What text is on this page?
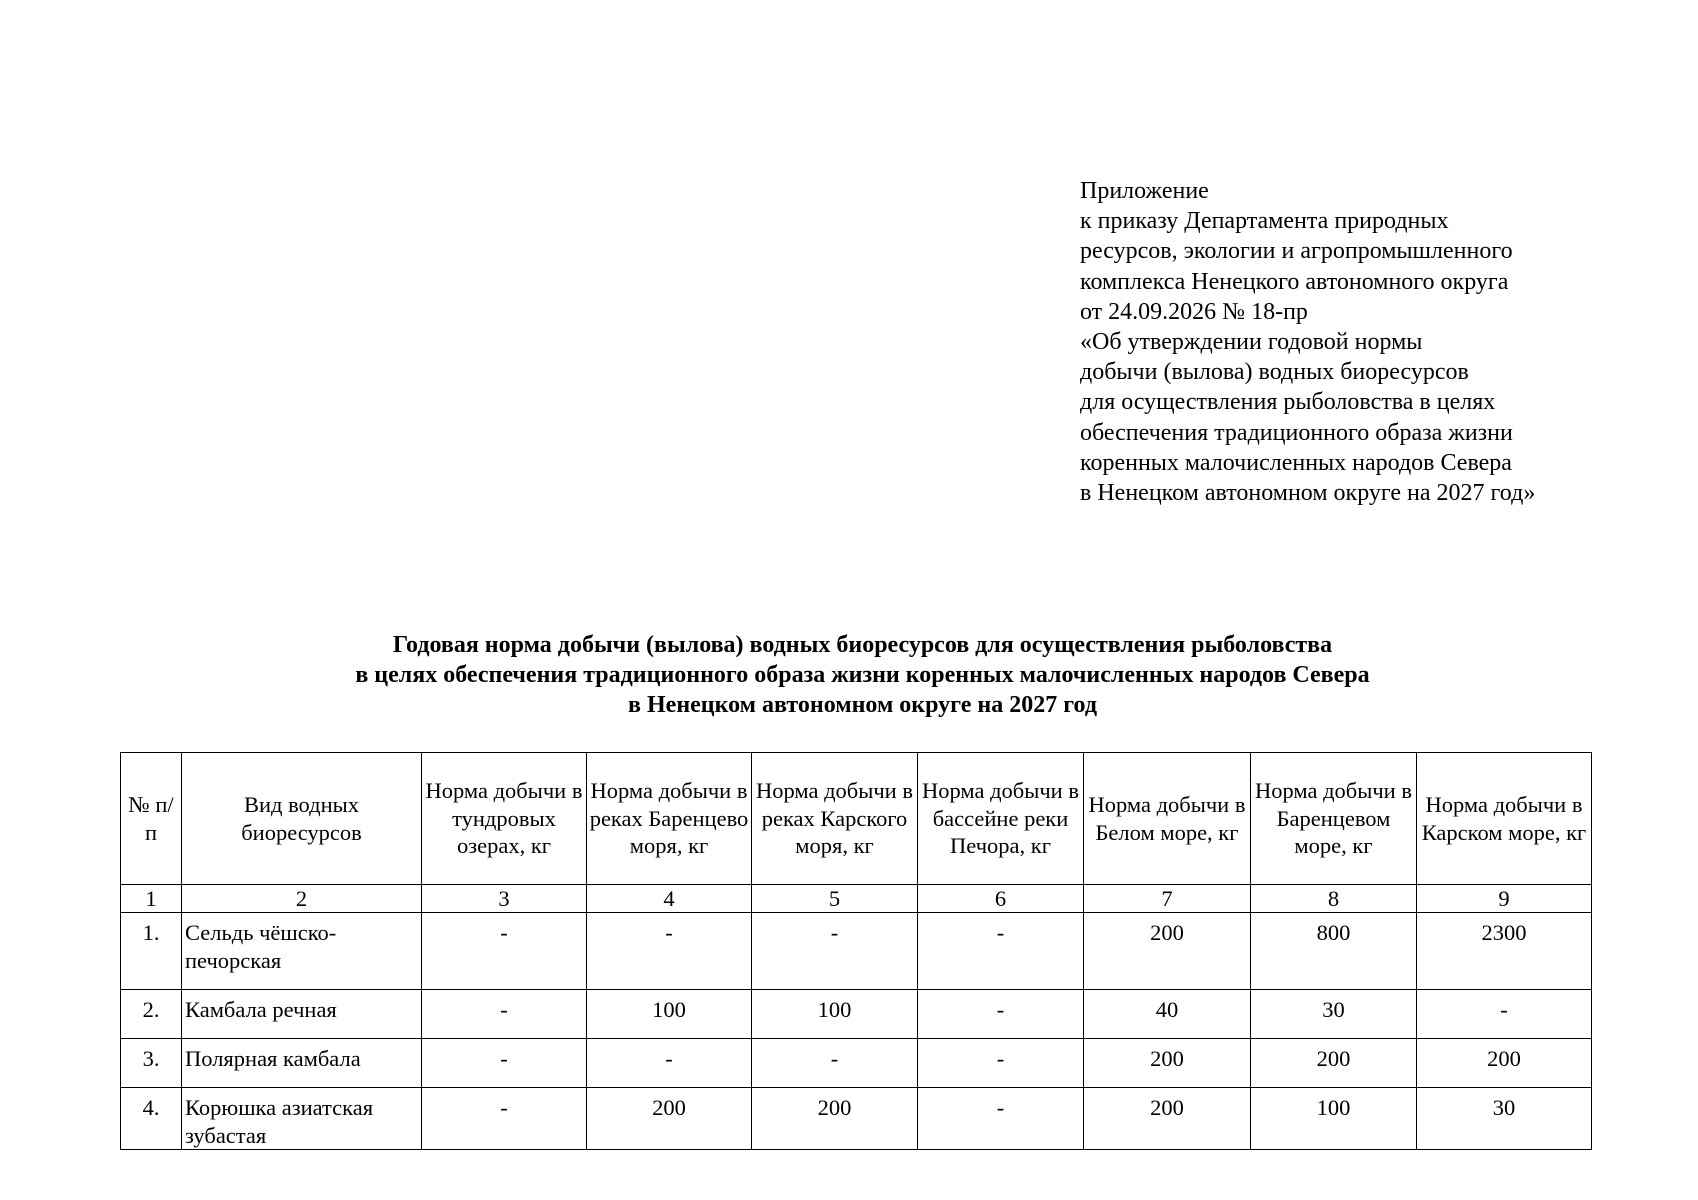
Приложение
к приказу Департамента природных
ресурсов, экологии и агропромышленного
комплекса Ненецкого автономного округа
от 24.09.2026 № 18-пр
«Об утверждении годовой нормы
добычи (вылова) водных биоресурсов
для осуществления рыболовства в целях
обеспечения традиционного образа жизни
коренных малочисленных народов Севера
в Ненецком автономном округе на 2027 год»
Годовая норма добычи (вылова) водных биоресурсов для осуществления рыболовства
в целях обеспечения традиционного образа жизни коренных малочисленных народов Севера
в Ненецком автономном округе на 2027 год
№ п/п	Вид водных биоресурсов	Норма добычи в тундровых озерах, кг	Норма добычи в реках Баренцево моря, кг	Норма добычи в реках Карского моря, кг	Норма добычи в бассейне реки Печора, кг	Норма добычи в Белом море, кг	Норма добычи в Баренцевом море, кг	Норма добычи в Карском море, кг
1	2	3	4	5	6	7	8	9
1.	Сельдь чёшско-печорская	-	-	-	-	200	800	2300
2.	Камбала речная	-	100	100	-	40	30	-
3.	Полярная камбала	-	-	-	-	200	200	200
4.	Корюшка азиатская зубастая	-	200	200	-	200	100	30
